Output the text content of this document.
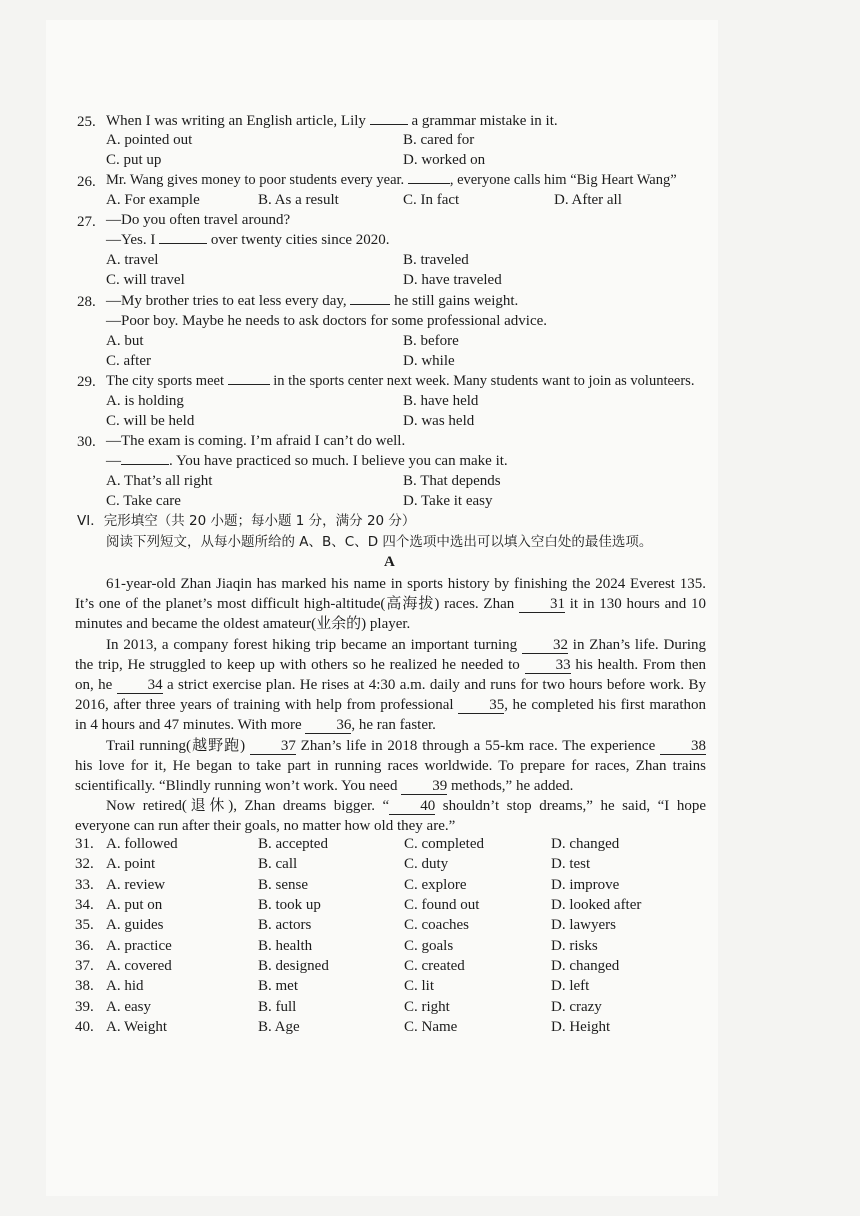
25. When I was writing an English article, Lily	a grammar mistake in it.
A. pointed out	B. cared for
C. put up	D. worked on
26. Mr. Wang gives money to poor students every year.	, everyone calls him “Big Heart Wang”
A. For example	B. As a result	C. In fact	D. After all
27. —Do you often travel around?
—Yes. I	over twenty cities since 2020.
A. travel	B. traveled
C. will travel	D. have traveled
28. —My brother tries to eat less every day,	he still gains weight.
—Poor boy. Maybe he needs to ask doctors for some professional advice.
A. but	B. before
C. after	D. while
29. The city sports meet	in the sports center next week. Many students want to join as volunteers.
A. is holding	B. have held
C. will be held	D. was held
30. —The exam is coming. I’m afraid I can’t do well.
—	. You have practiced so much. I believe you can make it.
A. That’s all right	B. That depends
C. Take care	D. Take it easy
VI．完形填空（共 20 小题；每小题 1 分，满分 20 分）
阅读下列短文，从每小题所给的 A、B、C、D 四个选项中选出可以填入空白处的最佳选项。
A
61-year-old Zhan Jiaqin has marked his name in sports history by finishing the 2024 Everest 135. It’s one of the planet’s most difficult high-altitude(高海拔) races. Zhan 31 it in 130 hours and 10 minutes and became the oldest amateur(业余的) player.
In 2013, a company forest hiking trip became an important turning 32 in Zhan’s life. During the trip, He struggled to keep up with others so he realized he needed to 33 his health. From then on, he 34 a strict exercise plan. He rises at 4:30 a.m. daily and runs for two hours before work. By 2016, after three years of training with help from professional 35, he completed his first marathon in 4 hours and 47 minutes. With more 36, he ran faster.
Trail running(越野跑) 37 Zhan’s life in 2018 through a 55-km race. The experience 38 his love for it, He began to take part in running races worldwide. To prepare for races, Zhan trains scientifically. “Blindly running won’t work. You need 39 methods,” he added.
Now retired(退休), Zhan dreams bigger. “ 40 shouldn’t stop dreams,” he said, “I hope everyone can run after their goals, no matter how old they are.”
31. A. followed	B. accepted	C. completed	D. changed
32. A. point	B. call	C. duty	D. test
33. A. review	B. sense	C. explore	D. improve
34. A. put on	B. took up	C. found out	D. looked after
35. A. guides	B. actors	C. coaches	D. lawyers
36. A. practice	B. health	C. goals	D. risks
37. A. covered	B. designed	C. created	D. changed
38. A. hid	B. met	C. lit	D. left
39. A. easy	B. full	C. right	D. crazy
40. A. Weight	B. Age	C. Name	D. Height
